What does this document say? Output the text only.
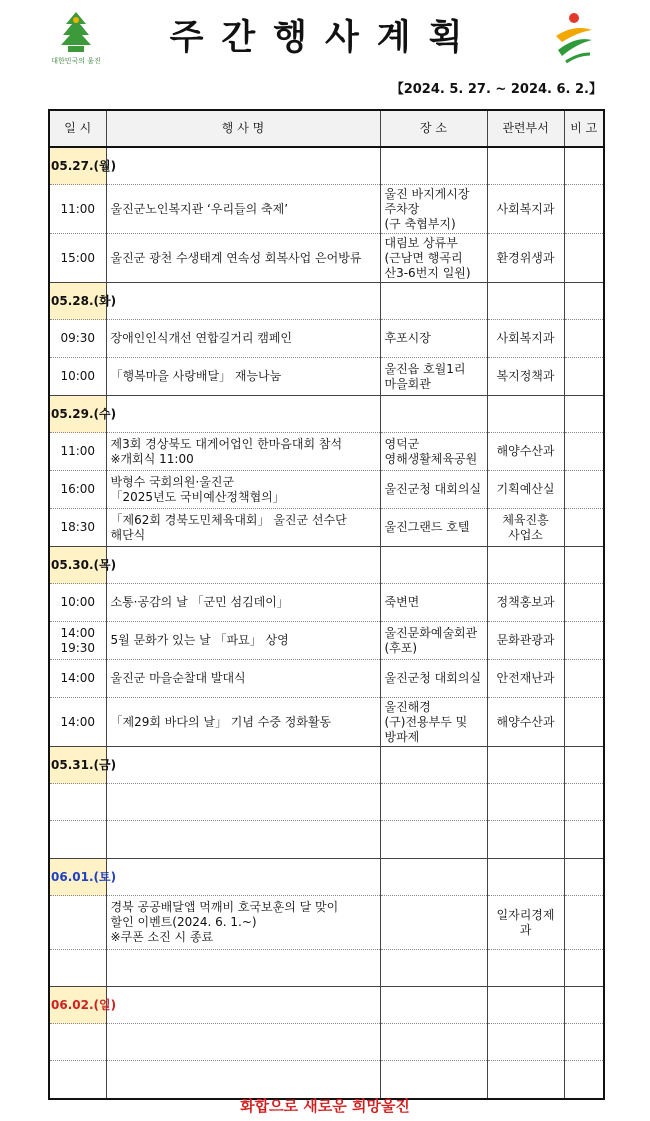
대한민국의 울진
주간행사계획
【2024. 5. 27. ~ 2024. 6. 2.】
일 시	행 사 명	장 소	관련부서	비 고
05.27.(월)				
11:00	울진군노인복지관 ‘우리들의 축제’	울진 바지게시장
주차장
(구 축협부지)	사회복지과	
15:00	울진군 광천 수생태계 연속성 회복사업 은어방류	대림보 상류부
(근남면 행곡리
산3-6번지 일원)	환경위생과	
05.28.(화)				
09:30	장애인인식개선 연합길거리 캠페인	후포시장	사회복지과	
10:00	「행복마을 사랑배달」 재능나눔	울진읍 호월1리
마을회관	복지정책과	
05.29.(수)				
11:00	제3회 경상북도 대게어업인 한마음대회 참석
※개회식 11:00	영덕군
영해생활체육공원	해양수산과	
16:00	박형수 국회의원·울진군
「2025년도 국비예산정책협의」	울진군청 대회의실	기획예산실	
18:30	「제62회 경북도민체육대회」 울진군 선수단
해단식	울진그랜드 호텔	체육진흥
사업소	
05.30.(목)				
10:00	소통·공감의 날 「군민 섬김데이」	죽변면	정책홍보과	
14:00
19:30	5월 문화가 있는 날 「파묘」 상영	울진문화예술회관
(후포)	문화관광과	
14:00	울진군 마을순찰대 발대식	울진군청 대회의실	안전재난과	
14:00	「제29회 바다의 날」 기념 수중 정화활동	울진해경
(구)전용부두 및
방파제	해양수산과	
05.31.(금)				

06.01.(토)				
	경북 공공배달앱 먹깨비 호국보훈의 달 맞이
할인 이벤트(2024. 6. 1.~)
※쿠폰 소진 시 종료		일자리경제과	

06.02.(일)				

화합으로 새로운 희망울진
